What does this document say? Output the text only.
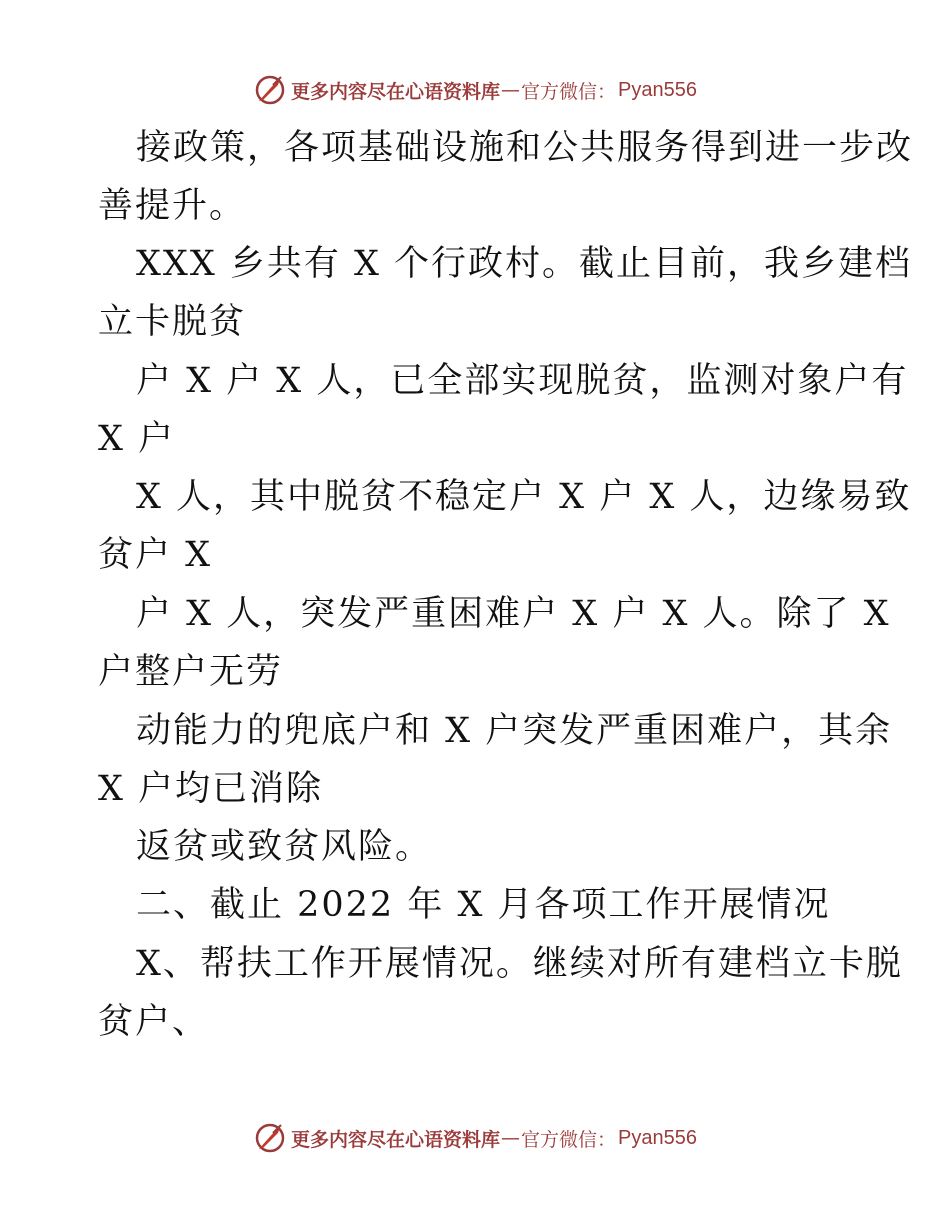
更多内容尽在心语资料库 — 官方微信： Pyan556
接政策，各项基础设施和公共服务得到进一步改
善提升。
XXX 乡共有 X 个行政村。截止目前，我乡建档
立卡脱贫
户 X 户 X 人，已全部实现脱贫，监测对象户有
X 户
X 人，其中脱贫不稳定户 X 户 X 人，边缘易致
贫户 X
户 X 人，突发严重困难户 X 户 X 人。除了 X
户整户无劳
动能力的兜底户和 X 户突发严重困难户，其余
X 户均已消除
返贫或致贫风险。
二、截止 2022 年 X 月各项工作开展情况
X、帮扶工作开展情况。继续对所有建档立卡脱
贫户、
更多内容尽在心语资料库 — 官方微信： Pyan556
